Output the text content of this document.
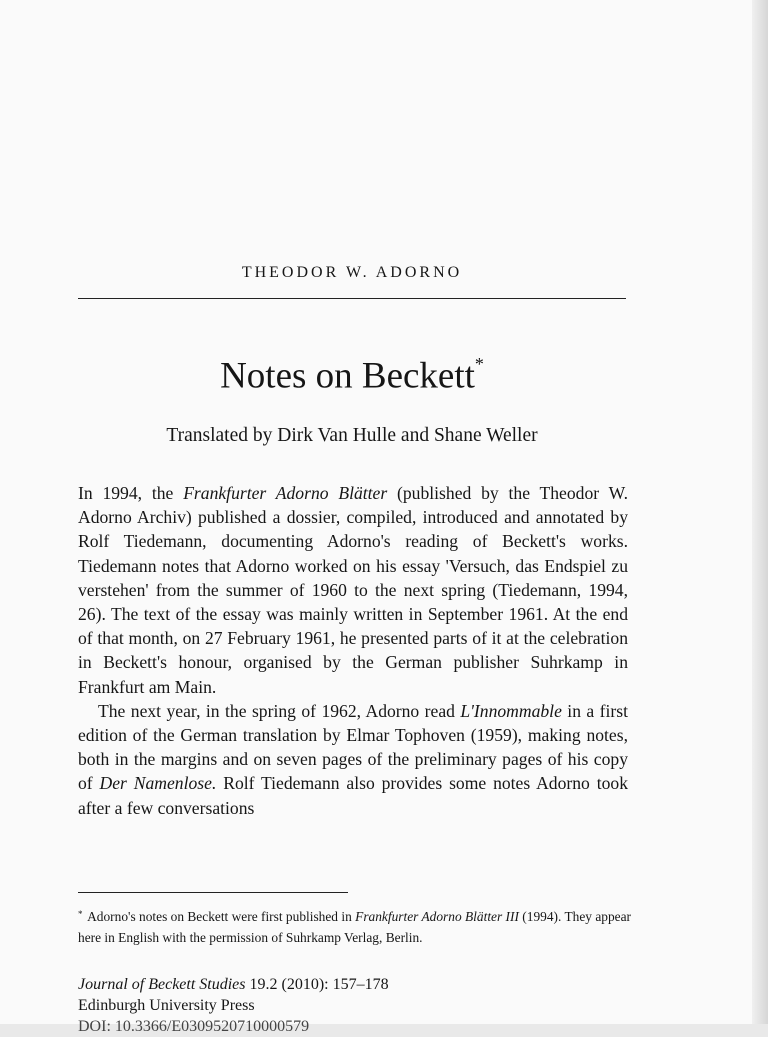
THEODOR W. ADORNO
Notes on Beckett*
Translated by Dirk Van Hulle and Shane Weller

In 1994, the Frankfurter Adorno Blätter (published by the Theodor W. Adorno Archiv) published a dossier, compiled, introduced and annotated by Rolf Tiedemann, documenting Adorno's reading of Beckett's works. Tiedemann notes that Adorno worked on his essay 'Versuch, das Endspiel zu verstehen' from the summer of 1960 to the next spring (Tiedemann, 1994, 26). The text of the essay was mainly written in September 1961. At the end of that month, on 27 February 1961, he presented parts of it at the celebration in Beckett's honour, organised by the German publisher Suhrkamp in Frankfurt am Main.

The next year, in the spring of 1962, Adorno read L'Innommable in a first edition of the German translation by Elmar Tophoven (1959), making notes, both in the margins and on seven pages of the preliminary pages of his copy of Der Namenlose. Rolf Tiedemann also provides some notes Adorno took after a few conversations

* Adorno's notes on Beckett were first published in Frankfurter Adorno Blätter III (1994). They appear here in English with the permission of Suhrkamp Verlag, Berlin.
Journal of Beckett Studies 19.2 (2010): 157–178
Edinburgh University Press
DOI: 10.3366/E0309520710000579
